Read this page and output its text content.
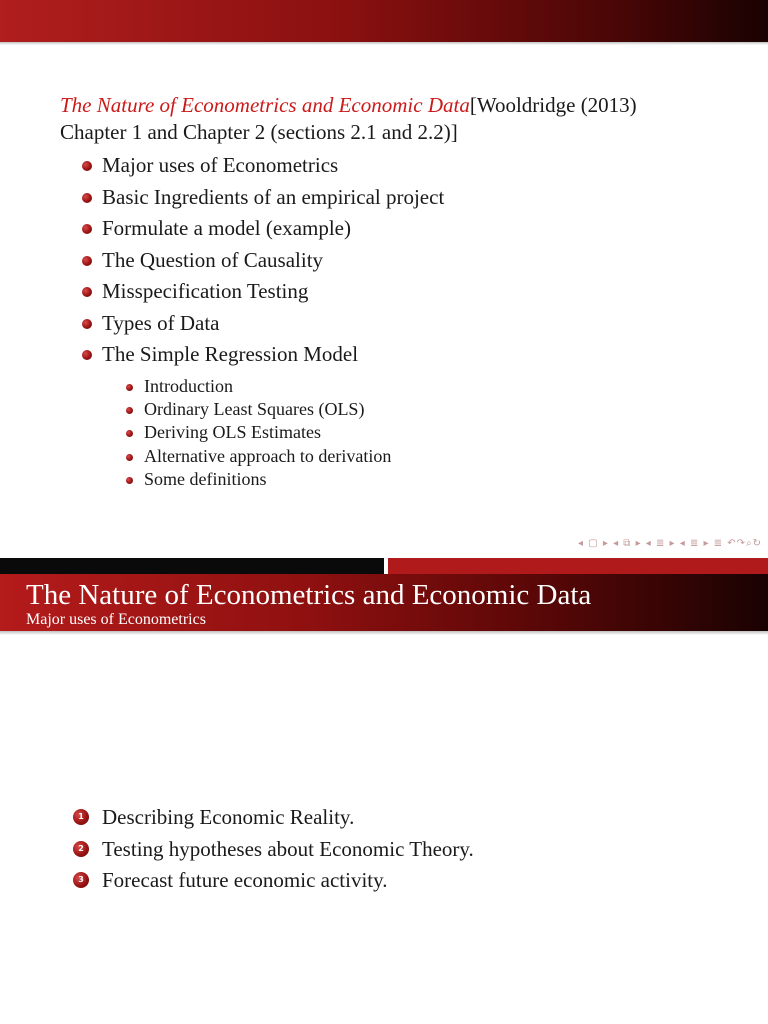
The Nature of Econometrics and Economic Data[Wooldridge (2013)
Chapter 1 and Chapter 2 (sections 2.1 and 2.2)]
Major uses of Econometrics
Basic Ingredients of an empirical project
Formulate a model (example)
The Question of Causality
Misspecification Testing
Types of Data
The Simple Regression Model
Introduction
Ordinary Least Squares (OLS)
Deriving OLS Estimates
Alternative approach to derivation
Some definitions
◂ ▢ ▸ ◂ ⧉ ▸ ◂ ≣ ▸ ◂ ≣ ▸ ≣ ↶↷⌕↻
The Nature of Econometrics and Economic Data
Major uses of Econometrics
1 Describing Economic Reality.
2 Testing hypotheses about Economic Theory.
3 Forecast future economic activity.
